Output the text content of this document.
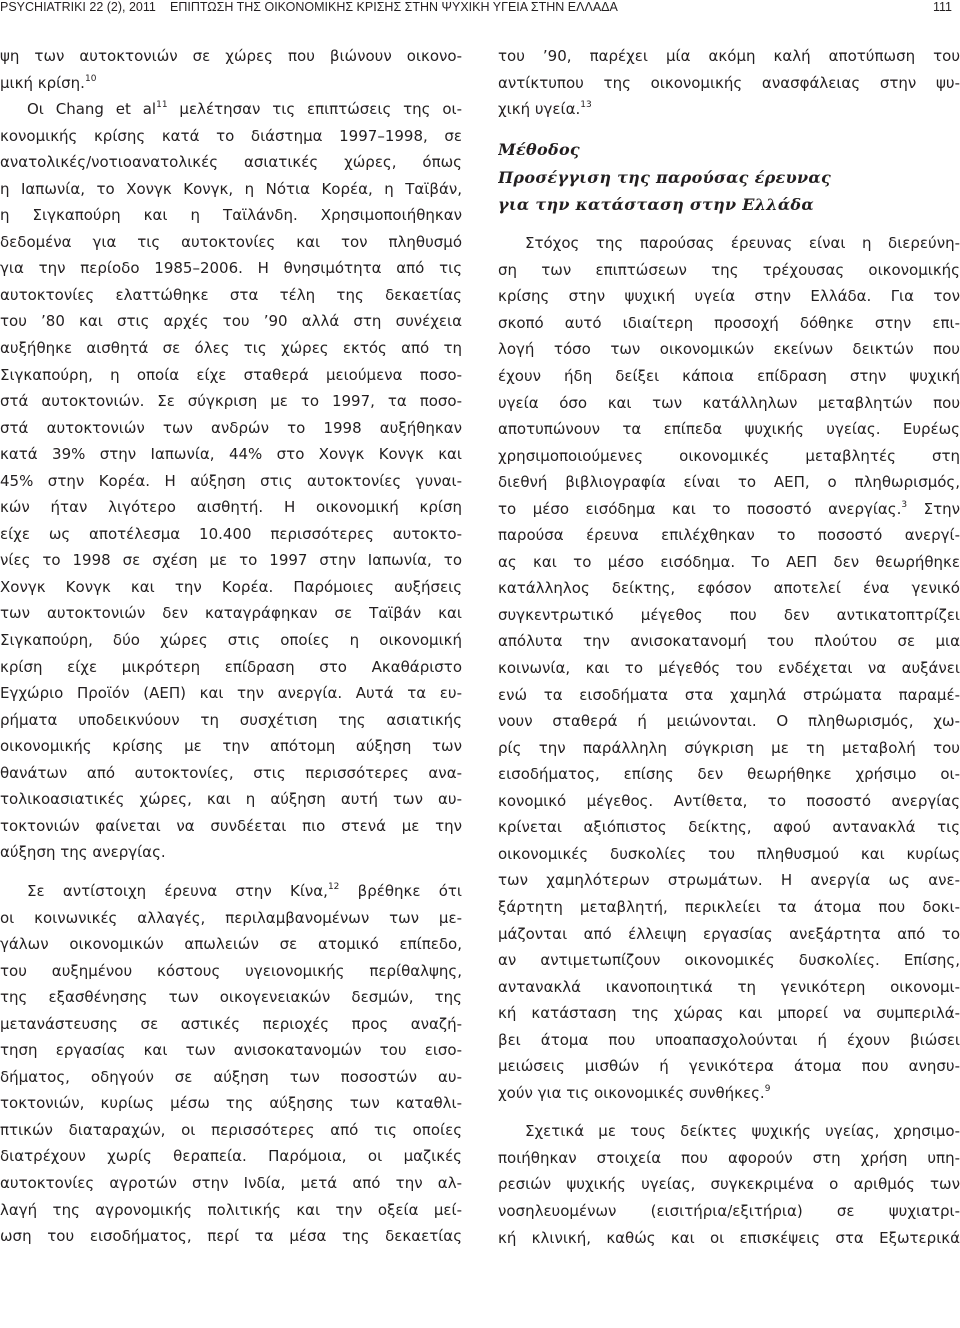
PSYCHIATRIKI 22 (2), 2011 ΕΠΙΠΤΩΣΗ ΤΗΣ ΟΙΚΟΝΟΜΙΚΗΣ ΚΡΙΣΗΣ ΣΤΗΝ ΨΥΧΙΚΗ ΥΓΕΙΑ ΣΤΗΝ ΕΛΛΑΔΑ	111
ψη των αυτοκτονιών σε χώρες που βιώνουν οικονο-
μική κρίση.$^{10}$
Οι Chang et $al^{11}$ μελέτησαν τις επιπτώσεις της οι-
κονομικής κρίσης κατά το διάστημα 1997–1998, σε
ανατολικές/νοτιοανατολικές ασιατικές χώρες, όπως
η Ιαπωνία, το Χονγκ Κονγκ, η Νότια Κορέα, η Ταϊβάν,
η Σιγκαπούρη και η Ταϊλάνδη. Χρησιμοποιήθηκαν
δεδομένα για τις αυτοκτονίες και τον πληθυσμό
για την περίοδο 1985–2006. Η θνησιμότητα από τις
αυτοκτονίες ελαττώθηκε στα τέλη της δεκαετίας
του ’80 και στις αρχές του ’90 αλλά στη συνέχεια
αυξήθηκε αισθητά σε όλες τις χώρες εκτός από τη
Σιγκαπούρη, η οποία είχε σταθερά μειούμενα ποσο-
στά αυτοκτονιών. Σε σύγκριση με το 1997, τα ποσο-
στά αυτοκτονιών των ανδρών το 1998 αυξήθηκαν
κατά 39% στην Ιαπωνία, 44% στο Χονγκ Κονγκ και
45% στην Κορέα. Η αύξηση στις αυτοκτονίες γυναι-
κών ήταν λιγότερο αισθητή. Η οικονομική κρίση
είχε ως αποτέλεσμα 10.400 περισσότερες αυτοκτο-
νίες το 1998 σε σχέση με το 1997 στην Ιαπωνία, το
Χονγκ Κονγκ και την Κορέα. Παρόμοιες αυξήσεις
των αυτοκτονιών δεν καταγράφηκαν σε Ταϊβάν και
Σιγκαπούρη, δύο χώρες στις οποίες η οικονομική
κρίση είχε μικρότερη επίδραση στο Ακαθάριστο
Εγχώριο Προϊόν (ΑΕΠ) και την ανεργία. Αυτά τα ευ-
ρήματα υποδεικνύουν τη συσχέτιση της ασιατικής
οικονομικής κρίσης με την απότομη αύξηση των
θανάτων από αυτοκτονίες, στις περισσότερες ανα-
τολικοασιατικές χώρες, και η αύξηση αυτή των αυ-
τοκτονιών φαίνεται να συνδέεται πιο στενά με την
αύξηση της ανεργίας.
Σε αντίστοιχη έρευνα στην Κίνα,$^{12}$ βρέθηκε ότι
οι κοινωνικές αλλαγές, περιλαμβανομένων των με-
γάλων οικονομικών απωλειών σε ατομικό επίπεδο,
του αυξημένου κόστους υγειονομικής περίθαλψης,
της εξασθένησης των οικογενειακών δεσμών, της
μετανάστευσης σε αστικές περιοχές προς αναζή-
τηση εργασίας και των ανισοκατανομών του εισο-
δήματος, οδηγούν σε αύξηση των ποσοστών αυ-
τοκτονιών, κυρίως μέσω της αύξησης των καταθλι-
πτικών διαταραχών, οι περισσότερες από τις οποίες
διατρέχουν χωρίς θεραπεία. Παρόμοια, οι μαζικές
αυτοκτονίες αγροτών στην Ινδία, μετά από την αλ-
λαγή της αγρονομικής πολιτικής και την οξεία μεί-
ωση του εισοδήματος, περί τα μέσα της δεκαετίας
του ’90, παρέχει μία ακόμη καλή αποτύπωση του
αντίκτυπου της οικονομικής ανασφάλειας στην ψυ-
χική υγεία.$^{13}$
Μέθοδος
Προσέγγιση της παρούσας έρευνας
για την κατάσταση στην Ελλάδα
Στόχος της παρούσας έρευνας είναι η διερεύνη-
ση των επιπτώσεων της τρέχουσας οικονομικής
κρίσης στην ψυχική υγεία στην Ελλάδα. Για τον
σκοπό αυτό ιδιαίτερη προσοχή δόθηκε στην επι-
λογή τόσο των οικονομικών εκείνων δεικτών που
έχουν ήδη δείξει κάποια επίδραση στην ψυχική
υγεία όσο και των κατάλληλων μεταβλητών που
αποτυπώνουν τα επίπεδα ψυχικής υγείας. Ευρέως
χρησιμοποιούμενες οικονομικές μεταβλητές στη
διεθνή βιβλιογραφία είναι το ΑΕΠ, ο πληθωρισμός,
το μέσο εισόδημα και το ποσοστό ανεργίας.$^3$ Στην
παρούσα έρευνα επιλέχθηκαν το ποσοστό ανεργί-
ας και το μέσο εισόδημα. Το ΑΕΠ δεν θεωρήθηκε
κατάλληλος δείκτης, εφόσον αποτελεί ένα γενικό
συγκεντρωτικό μέγεθος που δεν αντικατοπτρίζει
απόλυτα την ανισοκατανομή του πλούτου σε μια
κοινωνία, και το μέγεθός του ενδέχεται να αυξάνει
ενώ τα εισοδήματα στα χαμηλά στρώματα παραμέ-
νουν σταθερά ή μειώνονται. Ο πληθωρισμός, χω-
ρίς την παράλληλη σύγκριση με τη μεταβολή του
εισοδήματος, επίσης δεν θεωρήθηκε χρήσιμο οι-
κονομικό μέγεθος. Αντίθετα, το ποσοστό ανεργίας
κρίνεται αξιόπιστος δείκτης, αφού αντανακλά τις
οικονομικές δυσκολίες του πληθυσμού και κυρίως
των χαμηλότερων στρωμάτων. Η ανεργία ως ανε-
ξάρτητη μεταβλητή, περικλείει τα άτομα που δοκι-
μάζονται από έλλειψη εργασίας ανεξάρτητα από το
αν αντιμετωπίζουν οικονομικές δυσκολίες. Επίσης,
αντανακλά ικανοποιητικά τη γενικότερη οικονομι-
κή κατάσταση της χώρας και μπορεί να συμπεριλά-
βει άτομα που υποαπασχολούνται ή έχουν βιώσει
μειώσεις μισθών ή γενικότερα άτομα που ανησυ-
χούν για τις οικονομικές συνθήκες.$^9$
Σχετικά με τους δείκτες ψυχικής υγείας, χρησιμο-
ποιήθηκαν στοιχεία που αφορούν στη χρήση υπη-
ρεσιών ψυχικής υγείας, συγκεκριμένα ο αριθμός των
νοσηλευομένων (εισιτήρια/εξιτήρια) σε ψυχιατρι-
κή κλινική, καθώς και οι επισκέψεις στα Εξωτερικά
